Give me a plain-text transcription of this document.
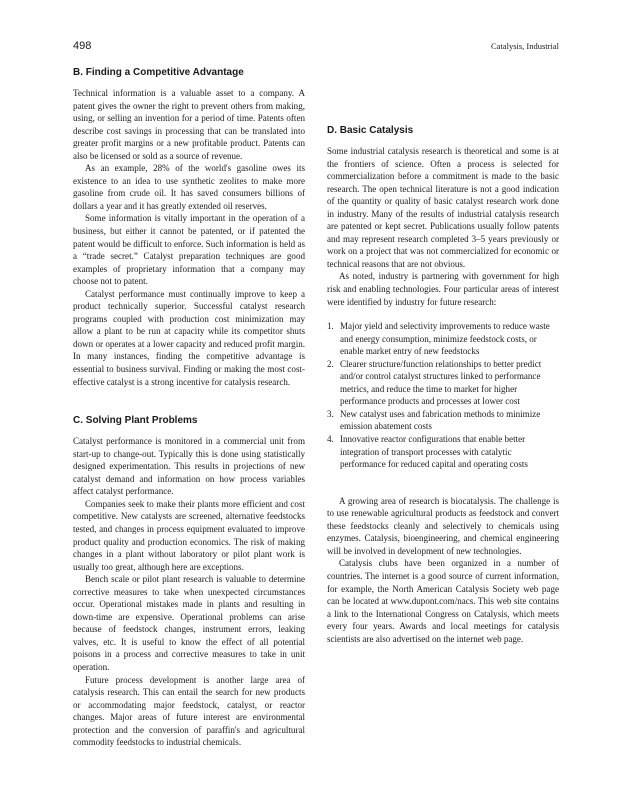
498	Catalysis, Industrial
B. Finding a Competitive Advantage

Technical information is a valuable asset to a company. A patent gives the owner the right to prevent others from making, using, or selling an invention for a period of time. Patents often describe cost savings in processing that can be translated into greater profit margins or a new profitable product. Patents can also be licensed or sold as a source of revenue.

As an example, 28% of the world's gasoline owes its existence to an idea to use synthetic zeolites to make more gasoline from crude oil. It has saved consumers billions of dollars a year and it has greatly extended oil reserves.

Some information is vitally important in the operation of a business, but either it cannot be patented, or if patented the patent would be difficult to enforce. Such information is held as a “trade secret.” Catalyst preparation techniques are good examples of proprietary information that a company may choose not to patent.

Catalyst performance must continually improve to keep a product technically superior. Successful catalyst research programs coupled with production cost minimization may allow a plant to be run at capacity while its competitor shuts down or operates at a lower capacity and reduced profit margin. In many instances, finding the competitive advantage is essential to business survival. Finding or making the most cost-effective catalyst is a strong incentive for catalysis research.

C. Solving Plant Problems

Catalyst performance is monitored in a commercial unit from start-up to change-out. Typically this is done using statistically designed experimentation. This results in projections of new catalyst demand and information on how process variables affect catalyst performance.

Companies seek to make their plants more efficient and cost competitive. New catalysts are screened, alternative feedstocks tested, and changes in process equipment evaluated to improve product quality and production economics. The risk of making changes in a plant without laboratory or pilot plant work is usually too great, although here are exceptions.

Bench scale or pilot plant research is valuable to determine corrective measures to take when unexpected circumstances occur. Operational mistakes made in plants and resulting in down-time are expensive. Operational problems can arise because of feedstock changes, instrument errors, leaking valves, etc. It is useful to know the effect of all potential poisons in a process and corrective measures to take in unit operation.

Future process development is another large area of catalysis research. This can entail the search for new products or accommodating major feedstock, catalyst, or reactor changes. Major areas of future interest are environmental protection and the conversion of paraffin's and agricultural commodity feedstocks to industrial chemicals.

D. Basic Catalysis

Some industrial catalysis research is theoretical and some is at the frontiers of science. Often a process is selected for commercialization before a commitment is made to the basic research. The open technical literature is not a good indication of the quantity or quality of basic catalyst research work done in industry. Many of the results of industrial catalysis research are patented or kept secret. Publications usually follow patents and may represent research completed 3–5 years previously or work on a project that was not commercialized for economic or technical reasons that are not obvious.

As noted, industry is partnering with government for high risk and enabling technologies. Four particular areas of interest were identified by industry for future research:

1. Major yield and selectivity improvements to reduce waste and energy consumption, minimize feedstock costs, or enable market entry of new feedstocks
2. Clearer structure/function relationships to better predict and/or control catalyst structures linked to performance metrics, and reduce the time to market for higher performance products and processes at lower cost
3. New catalyst uses and fabrication methods to minimize emission abatement costs
4. Innovative reactor configurations that enable better integration of transport processes with catalytic performance for reduced capital and operating costs

A growing area of research is biocatalysis. The challenge is to use renewable agricultural products as feedstock and convert these feedstocks cleanly and selectively to chemicals using enzymes. Catalysis, bioengineering, and chemical engineering will be involved in development of new technologies.

Catalysis clubs have been organized in a number of countries. The internet is a good source of current information, for example, the North American Catalysis Society web page can be located at www.dupont.com/nacs. This web site contains a link to the International Congress on Catalysis, which meets every four years. Awards and local meetings for catalysis scientists are also advertised on the internet web page.
